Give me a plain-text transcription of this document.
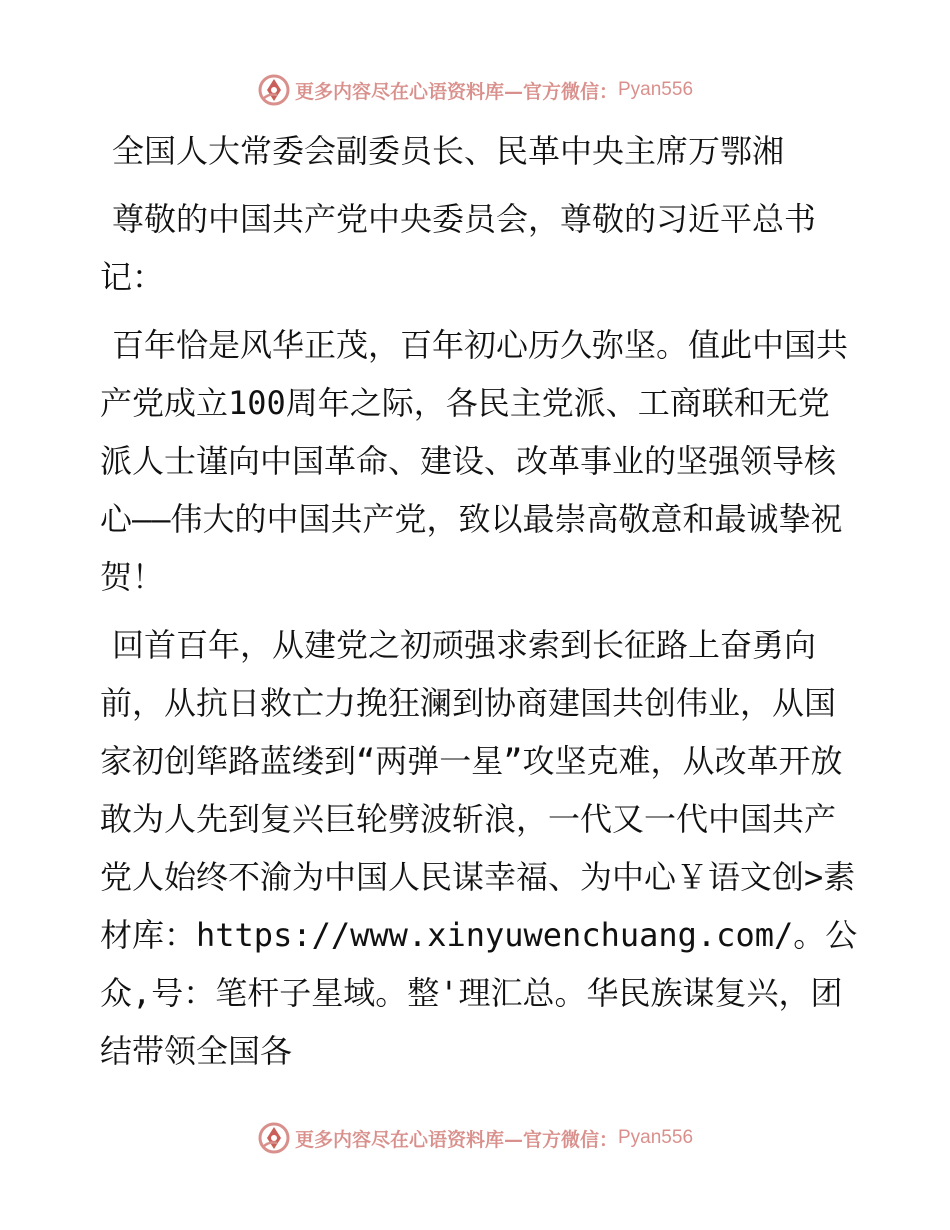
更多内容尽在心语资料库—官方微信： Pyan556

全国人大常委会副委员长、民革中央主席万鄂湘

尊敬的中国共产党中央委员会，尊敬的习近平总书记：

百年恰是风华正茂，百年初心历久弥坚。值此中国共产党成立100周年之际，各民主党派、工商联和无党派人士谨向中国革命、建设、改革事业的坚强领导核心——伟大的中国共产党，致以最崇高敬意和最诚挚祝贺！

回首百年，从建党之初顽强求索到长征路上奋勇向前，从抗日救亡力挽狂澜到协商建国共创伟业，从国家初创筚路蓝缕到“两弹一星”攻坚克难，从改革开放敢为人先到复兴巨轮劈波斩浪，一代又一代中国共产党人始终不渝为中国人民谋幸福、为中心￥语文创>素材库：https://www.xinyuwenchuang.com/。公众,号：笔杆子星域。整'理汇总。华民族谋复兴，团结带领全国各

更多内容尽在心语资料库—官方微信： Pyan556
